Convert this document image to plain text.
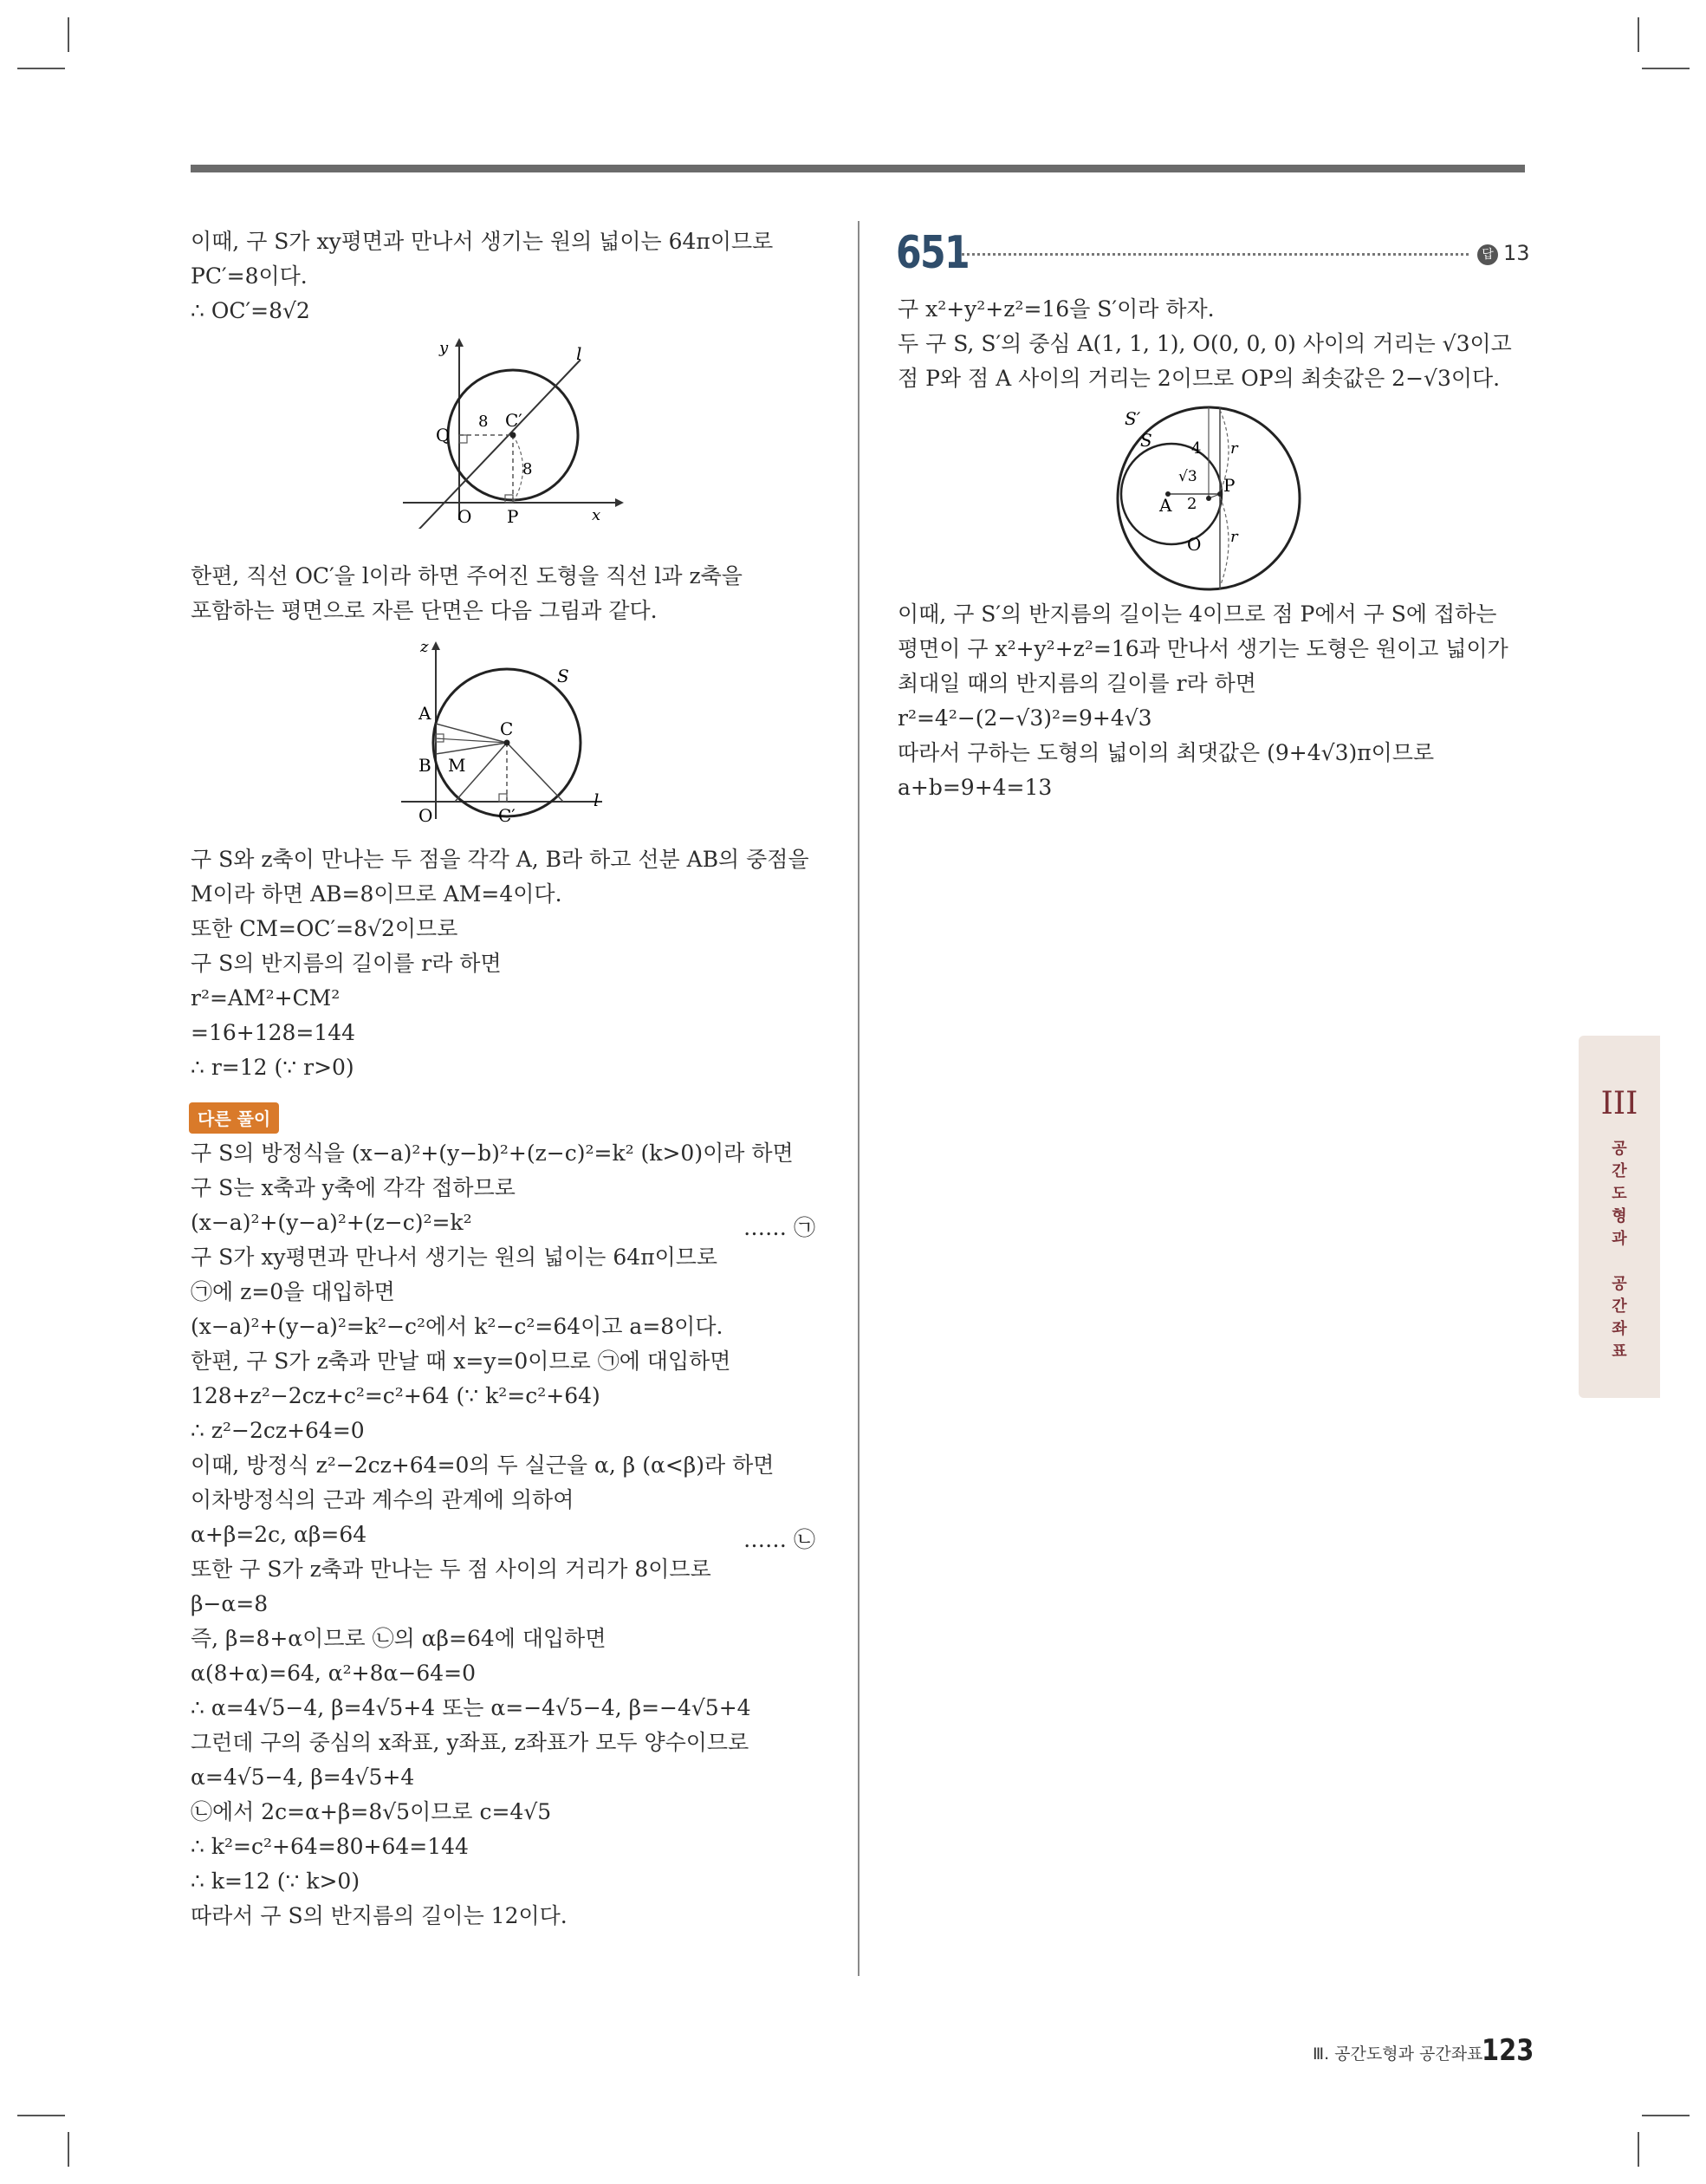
이때, 구 S가 xy평면과 만나서 생기는 원의 넓이는 64π이므로
PC′=8이다.
∴ OC′=8√2
y	l
Q
8 C′
8
O P	x
한편, 직선 OC′을 l이라 하면 주어진 도형을 직선 l과 z축을
포함하는 평면으로 자른 단면은 다음 그림과 같다.
z
S
A
C
B M
O	C′
l
구 S와 z축이 만나는 두 점을 각각 A, B라 하고 선분 AB의 중점을
M이라 하면 AB=8이므로 AM=4이다.
또한 CM=OC′=8√2이므로
구 S의 반지름의 길이를 r라 하면
r²=AM²+CM²
=16+128=144
∴ r=12 (∵ r>0)
다른 풀이
구 S의 방정식을 (x−a)²+(y−b)²+(z−c)²=k² (k>0)이라 하면
구 S는 x축과 y축에 각각 접하므로
(x−a)²+(y−a)²+(z−c)²=k²	…… ㉠
구 S가 xy평면과 만나서 생기는 원의 넓이는 64π이므로
㉠에 z=0을 대입하면
(x−a)²+(y−a)²=k²−c²에서 k²−c²=64이고 a=8이다.
한편, 구 S가 z축과 만날 때 x=y=0이므로 ㉠에 대입하면
128+z²−2cz+c²=c²+64 (∵ k²=c²+64)
∴ z²−2cz+64=0
이때, 방정식 z²−2cz+64=0의 두 실근을 α, β (α<β)라 하면
이차방정식의 근과 계수의 관계에 의하여
α+β=2c, αβ=64	…… ㉡
또한 구 S가 z축과 만나는 두 점 사이의 거리가 8이므로
β−α=8
즉, β=8+α이므로 ㉡의 αβ=64에 대입하면
α(8+α)=64, α²+8α−64=0
∴ α=4√5−4, β=4√5+4 또는 α=−4√5−4, β=−4√5+4
그런데 구의 중심의 x좌표, y좌표, z좌표가 모두 양수이므로
α=4√5−4, β=4√5+4
㉡에서 2c=α+β=8√5이므로 c=4√5
∴ k²=c²+64=80+64=144
∴ k=12 (∵ k>0)
따라서 구 S의 반지름의 길이는 12이다.
651	답 13
구 x²+y²+z²=16을 S′이라 하자.
두 구 S, S′의 중심 A(1, 1, 1), O(0, 0, 0) 사이의 거리는 √3이고
점 P와 점 A 사이의 거리는 2이므로 OP의 최솟값은 2−√3이다.
S′
S	4 r
√3 P
A 2
O r
이때, 구 S′의 반지름의 길이는 4이므로 점 P에서 구 S에 접하는
평면이 구 x²+y²+z²=16과 만나서 생기는 도형은 원이고 넓이가
최대일 때의 반지름의 길이를 r라 하면
r²=4²−(2−√3)²=9+4√3
따라서 구하는 도형의 넓이의 최댓값은 (9+4√3)π이므로
a+b=9+4=13
III
공
간
도
형
과

공
간
좌
표
Ⅲ. 공간도형과 공간좌표
123
